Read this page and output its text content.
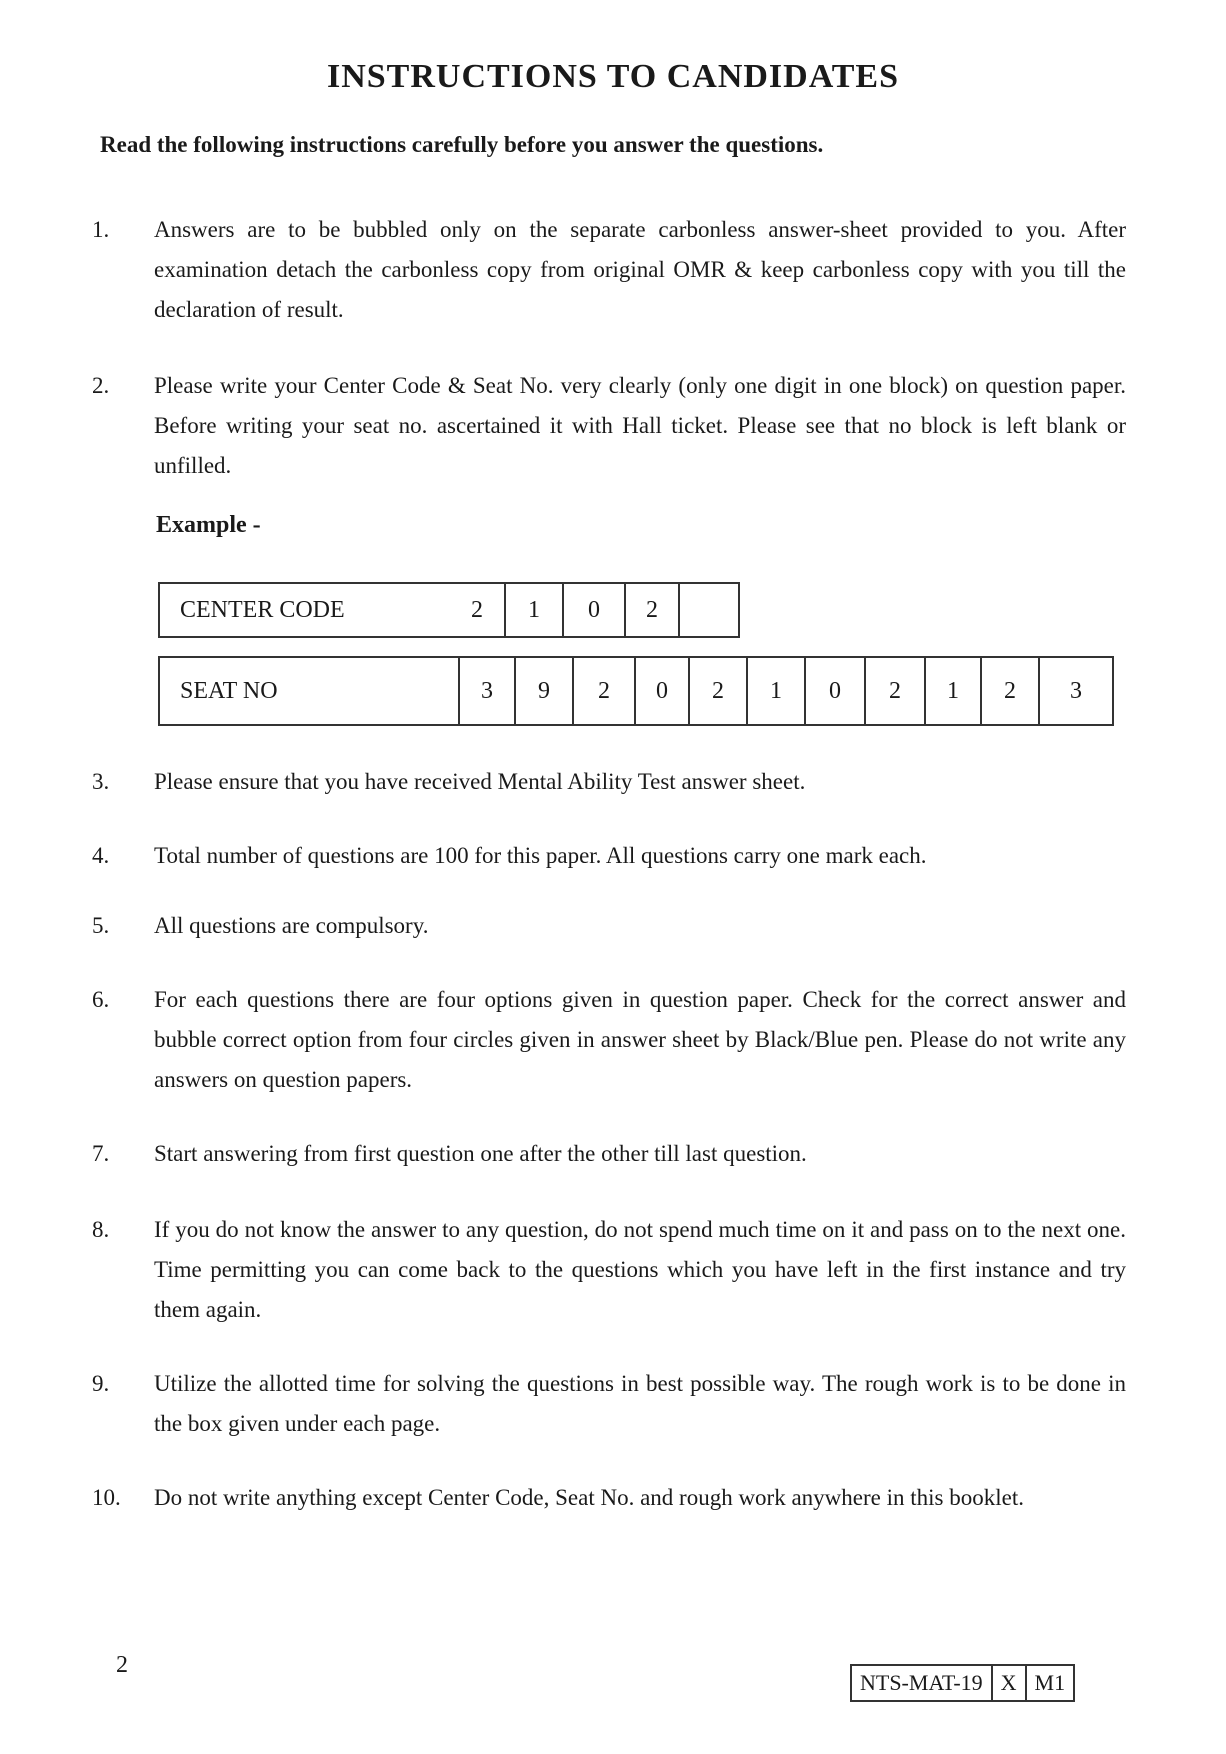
INSTRUCTIONS TO CANDIDATES
Read the following instructions carefully before you answer the questions.
1.	Answers are to be bubbled only on the separate carbonless answer-sheet provided to you. After examination detach the carbonless copy from original OMR & keep carbonless copy with you till the declaration of result.
2.	Please write your Center Code & Seat No. very clearly (only one digit in one block) on question paper. Before writing your seat no. ascertained it with Hall ticket. Please see that no block is left blank or unfilled.
Example -
CENTER CODE	2	1	0	2	
SEAT NO	3	9	2	0	2	1	0	2	1	2	3
3.	Please ensure that you have received Mental Ability Test answer sheet.
4.	Total number of questions are 100 for this paper. All questions carry one mark each.
5.	All questions are compulsory.
6.	For each questions there are four options given in question paper. Check for the correct answer and bubble correct option from four circles given in answer sheet by Black/Blue pen. Please do not write any answers on question papers.
7.	Start answering from first question one after the other till last question.
8.	If you do not know the answer to any question, do not spend much time on it and pass on to the next one. Time permitting you can come back to the questions which you have left in the first instance and try them again.
9.	Utilize the allotted time for solving the questions in best possible way. The rough work is to be done in the box given under each page.
10.	Do not write anything except Center Code, Seat No. and rough work anywhere in this booklet.
2
NTS-MAT-19	X	M1
